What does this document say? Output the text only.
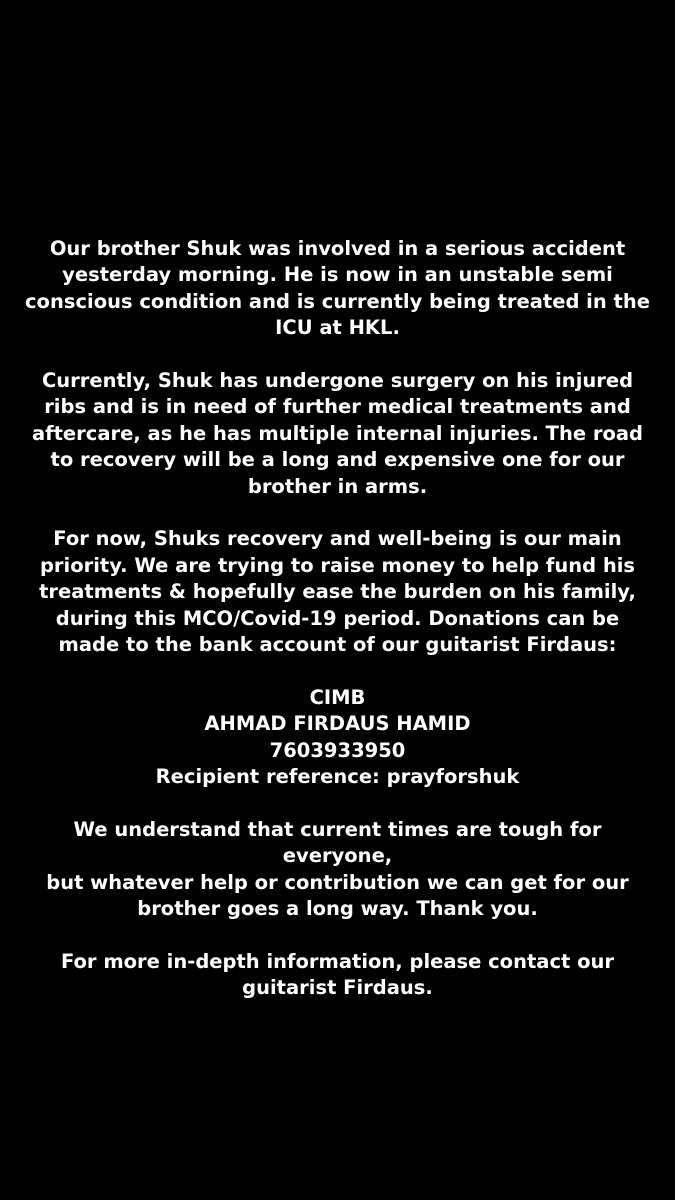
Our brother Shuk was involved in a serious accident
yesterday morning. He is now in an unstable semi
conscious condition and is currently being treated in the
ICU at HKL.

Currently, Shuk has undergone surgery on his injured
ribs and is in need of further medical treatments and
aftercare, as he has multiple internal injuries. The road
to recovery will be a long and expensive one for our
brother in arms.

For now, Shuks recovery and well-being is our main
priority. We are trying to raise money to help fund his
treatments & hopefully ease the burden on his family,
during this MCO/Covid-19 period. Donations can be
made to the bank account of our guitarist Firdaus:

CIMB
AHMAD FIRDAUS HAMID
7603933950
Recipient reference: prayforshuk

We understand that current times are tough for everyone,
but whatever help or contribution we can get for our
brother goes a long way. Thank you.

For more in-depth information, please contact our
guitarist Firdaus.
